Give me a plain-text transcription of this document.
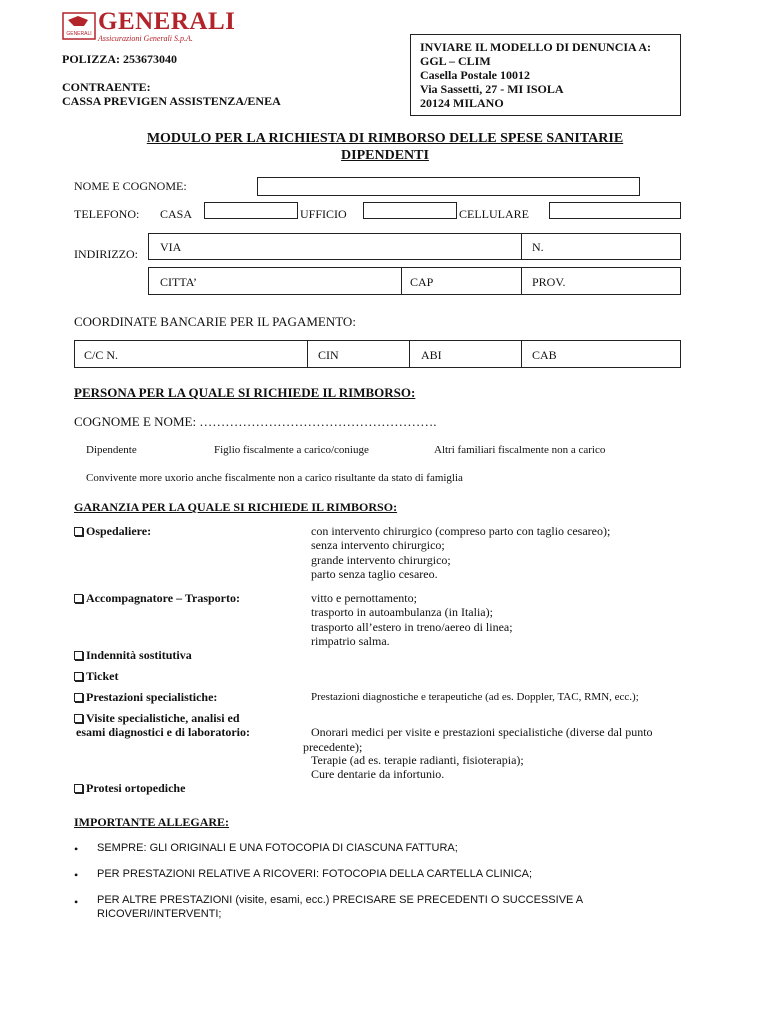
GENERALI GENERALI
Assicurazioni Generali S.p.A.
POLIZZA: 253673040
CONTRAENTE:
CASSA PREVIGEN ASSISTENZA/ENEA
INVIARE IL MODELLO DI DENUNCIA A:
GGL – CLIM
Casella Postale 10012
Via Sassetti, 27 - MI ISOLA
20124 MILANO
MODULO PER LA RICHIESTA DI RIMBORSO DELLE SPESE SANITARIE
DIPENDENTI
NOME E COGNOME:
TELEFONO: CASA	UFFICIO	CELLULARE
INDIRIZZO: VIA	N.
CITTA’	CAP	PROV.
COORDINATE BANCARIE PER IL PAGAMENTO:
C/C N.	CIN	ABI	CAB
PERSONA PER LA QUALE SI RICHIEDE IL RIMBORSO:
COGNOME E NOME: ……………………………………………….
Dipendente	Figlio fiscalmente a carico/coniuge	Altri familiari fiscalmente non a carico
Convivente more uxorio anche fiscalmente non a carico risultante da stato di famiglia
GARANZIA PER LA QUALE SI RICHIEDE IL RIMBORSO:
Ospedaliere:	con intervento chirurgico (compreso parto con taglio cesareo);
senza intervento chirurgico;
grande intervento chirurgico;
parto senza taglio cesareo.
Accompagnatore – Trasporto:	vitto e pernottamento;
trasporto in autoambulanza (in Italia);
trasporto all’estero in treno/aereo di linea;
rimpatrio salma.
Indennità sostitutiva
Ticket
Prestazioni specialistiche:	Prestazioni diagnostiche e terapeutiche (ad es. Doppler, TAC, RMN, ecc.);
Visite specialistiche, analisi ed
esami diagnostici e di laboratorio:	Onorari medici per visite e prestazioni specialistiche (diverse dal punto
precedente);
Terapie (ad es. terapie radianti, fisioterapia);
Cure dentarie da infortunio.
Protesi ortopediche
IMPORTANTE ALLEGARE:
• SEMPRE: GLI ORIGINALI E UNA FOTOCOPIA DI CIASCUNA FATTURA;
• PER PRESTAZIONI RELATIVE A RICOVERI: FOTOCOPIA DELLA CARTELLA CLINICA;
• PER ALTRE PRESTAZIONI (visite, esami, ecc.) PRECISARE SE PRECEDENTI O SUCCESSIVE A
RICOVERI/INTERVENTI;
